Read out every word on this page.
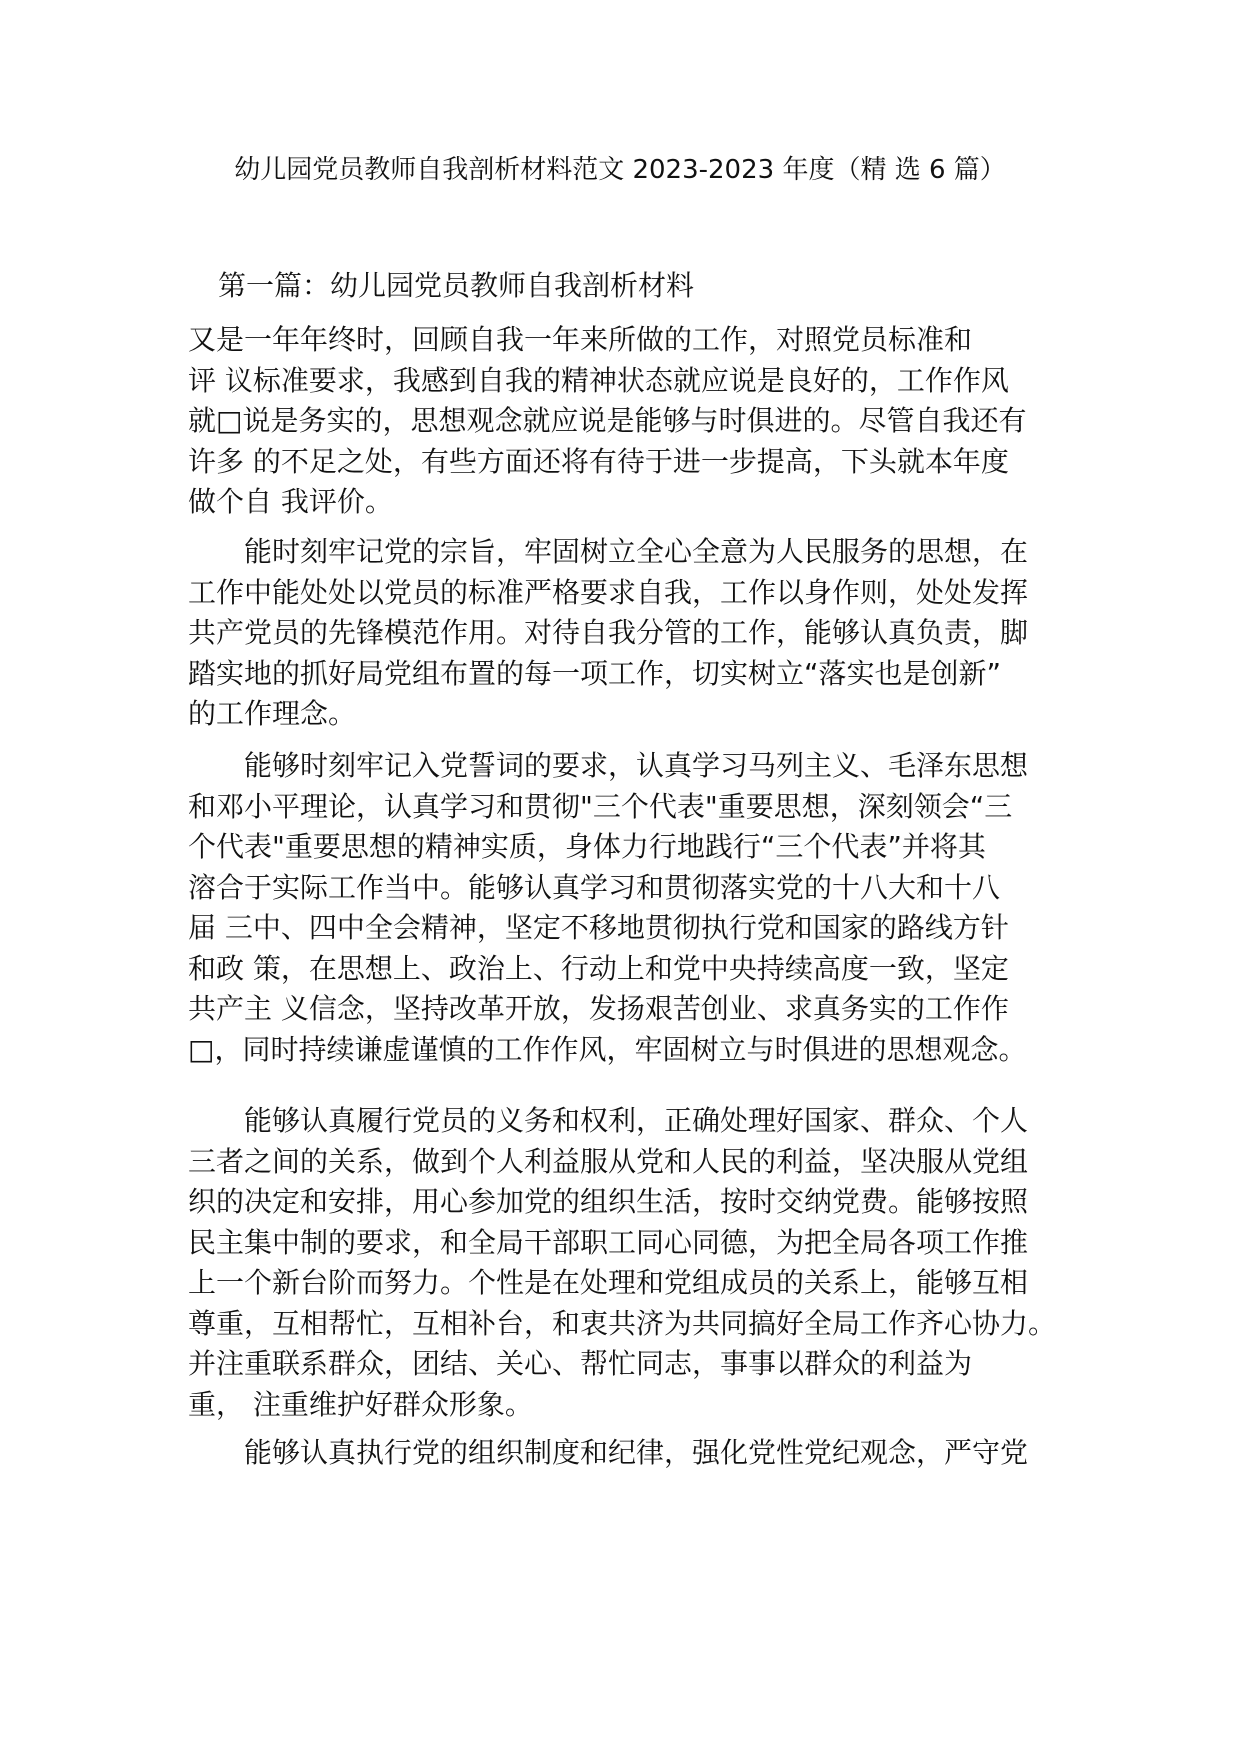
幼儿园党员教师自我剖析材料范文 2023-2023 年度（精 选 6 篇）
第一篇：幼儿园党员教师自我剖析材料
又是一年年终时，回顾自我一年来所做的工作，对照党员标准和
评 议标准要求，我感到自我的精神状态就应说是良好的，工作作风
就□说是务实的，思想观念就应说是能够与时俱进的。尽管自我还有
许多 的不足之处，有些方面还将有待于进一步提高，下头就本年度
做个自 我评价。
能时刻牢记党的宗旨，牢固树立全心全意为人民服务的思想，在
工作中能处处以党员的标准严格要求自我，工作以身作则，处处发挥
共产党员的先锋模范作用。对待自我分管的工作，能够认真负责，脚
踏实地的抓好局党组布置的每一项工作，切实树立“落实也是创新”
的工作理念。
能够时刻牢记入党誓词的要求，认真学习马列主义、毛泽东思想
和邓小平理论，认真学习和贯彻"三个代表"重要思想，深刻领会“三
个代表"重要思想的精神实质，身体力行地践行“三个代表”并将其
溶合于实际工作当中。能够认真学习和贯彻落实党的十八大和十八
届 三中、四中全会精神，坚定不移地贯彻执行党和国家的路线方针
和政 策，在思想上、政治上、行动上和党中央持续高度一致，坚定
共产主 义信念，坚持改革开放，发扬艰苦创业、求真务实的工作作
□，同时持续谦虚谨慎的工作作风，牢固树立与时俱进的思想观念。
能够认真履行党员的义务和权利，正确处理好国家、群众、个人
三者之间的关系，做到个人利益服从党和人民的利益，坚决服从党组
织的决定和安排，用心参加党的组织生活，按时交纳党费。能够按照
民主集中制的要求，和全局干部职工同心同德，为把全局各项工作推
上一个新台阶而努力。个性是在处理和党组成员的关系上，能够互相
尊重，互相帮忙，互相补台，和衷共济为共同搞好全局工作齐心协力。
并注重联系群众，团结、关心、帮忙同志，事事以群众的利益为
重， 注重维护好群众形象。
能够认真执行党的组织制度和纪律，强化党性党纪观念，严守党
